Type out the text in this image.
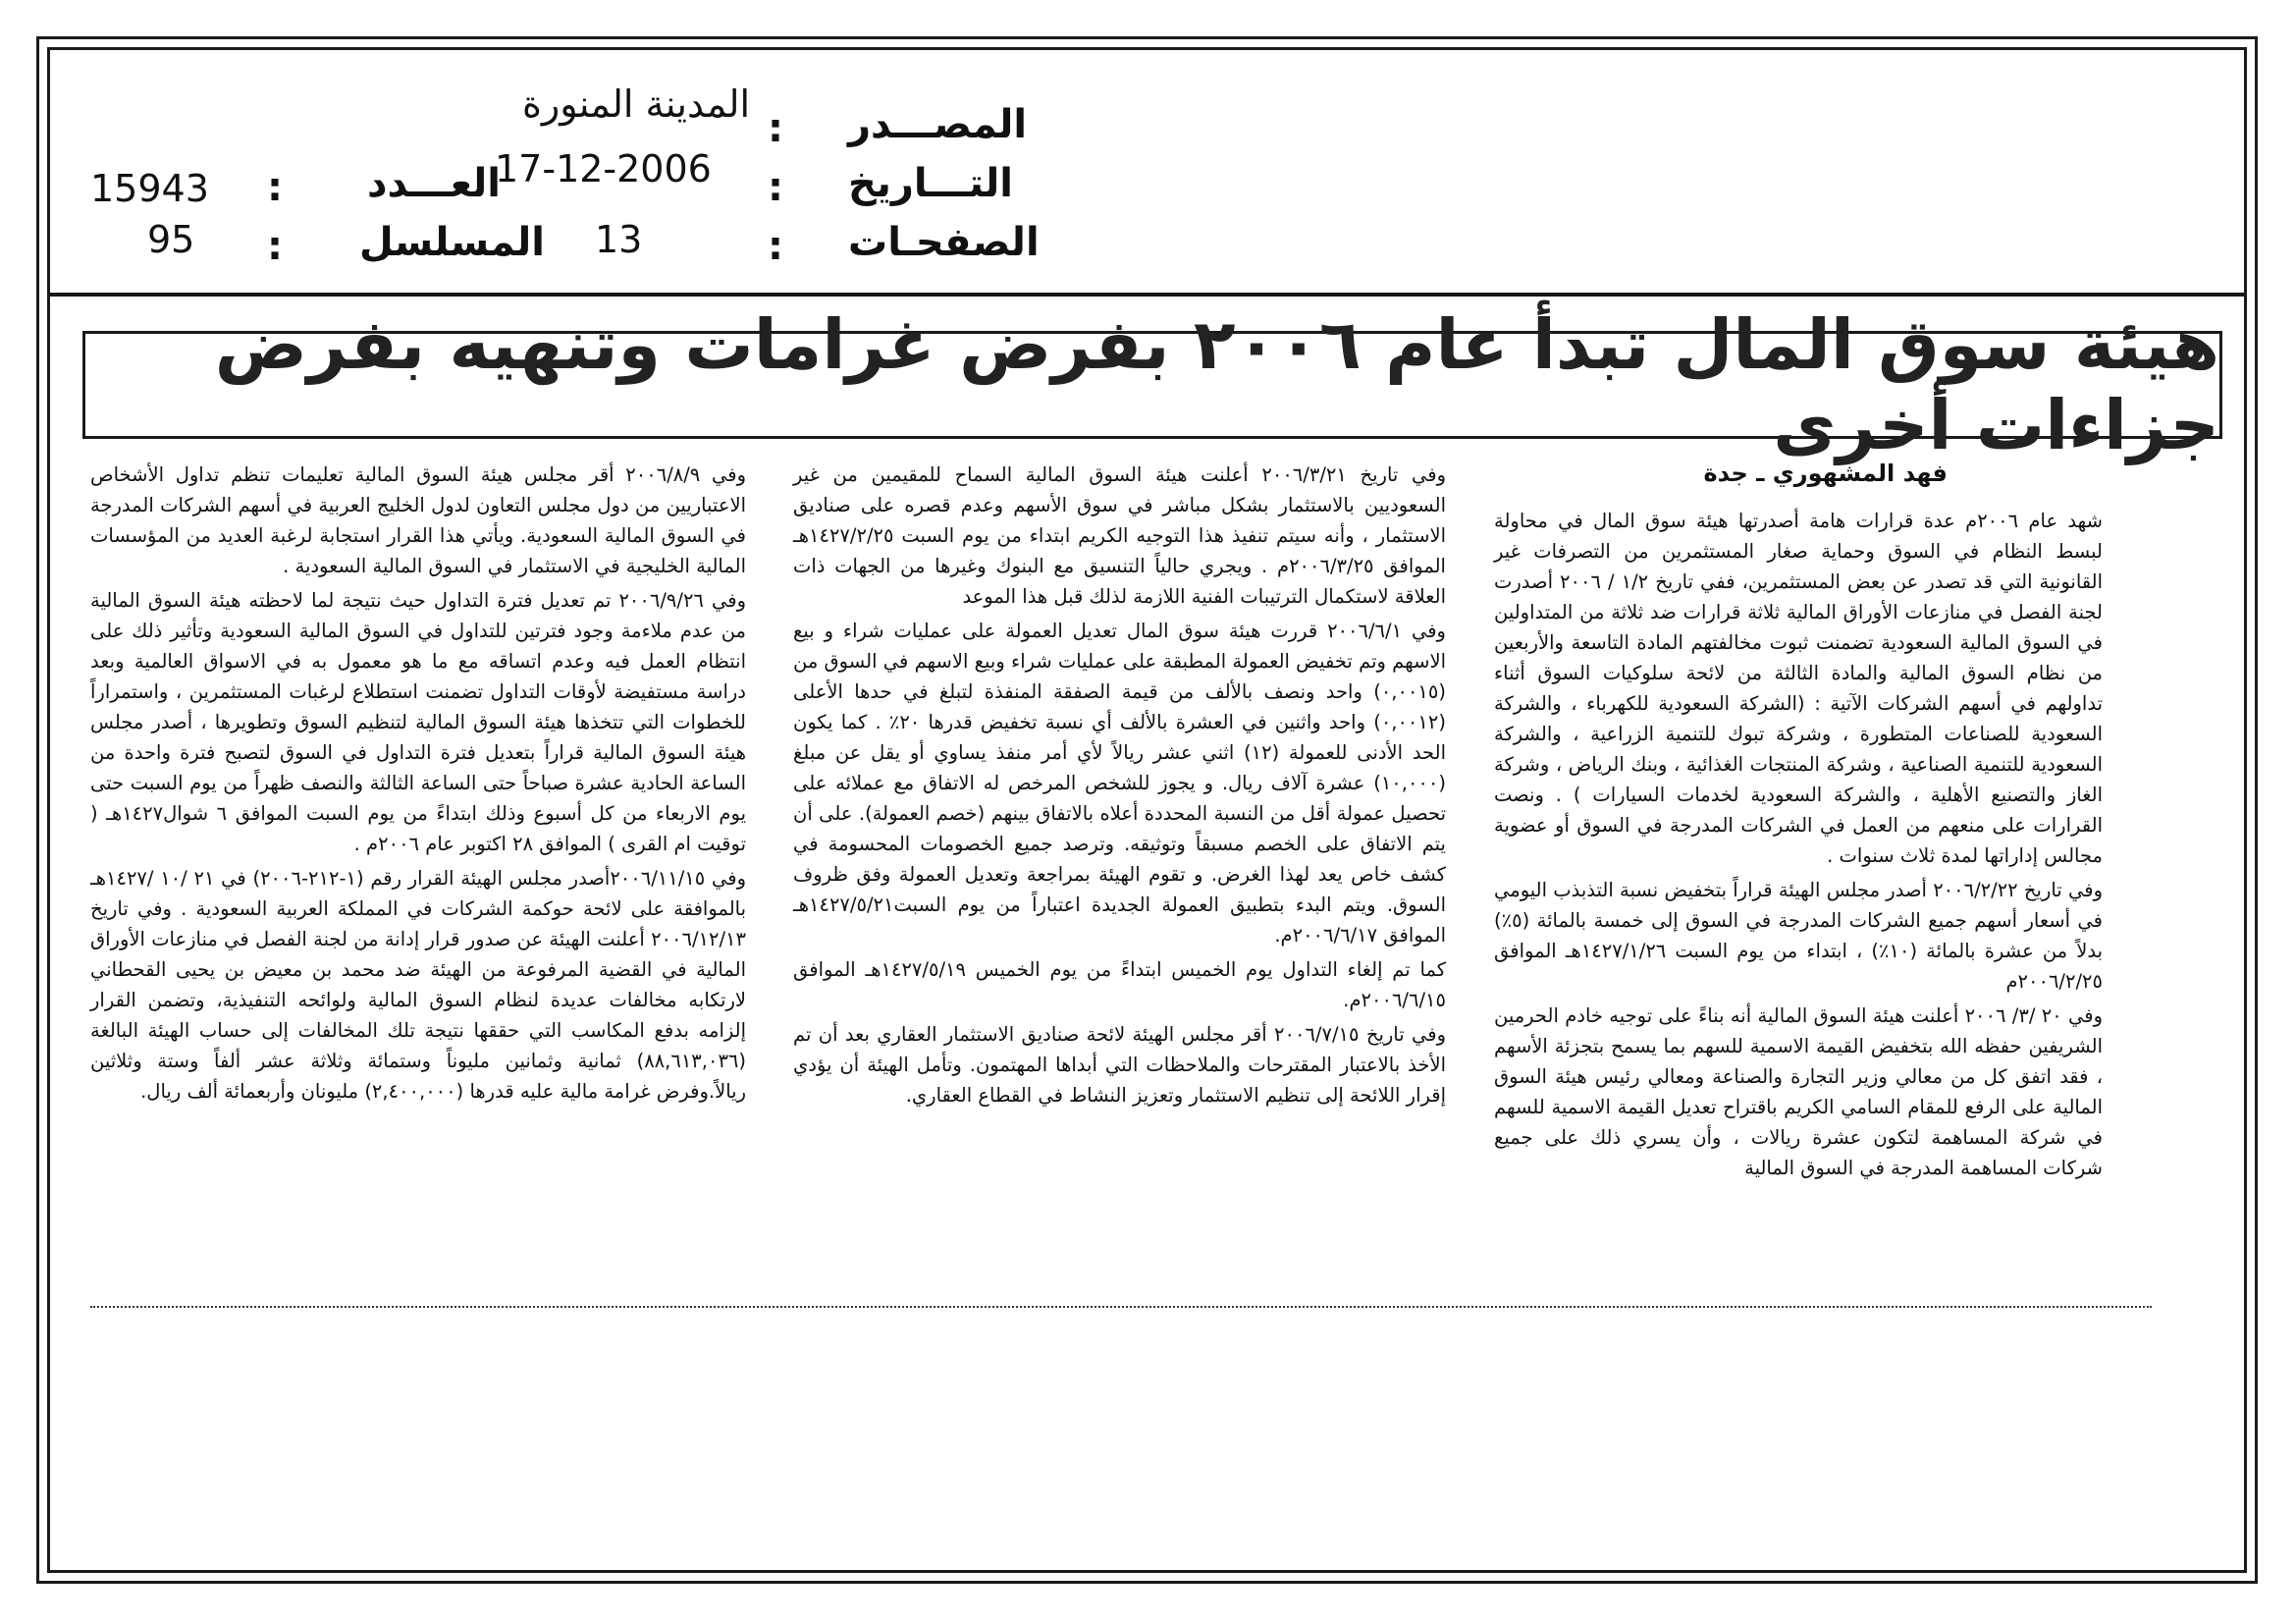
المصـــدر
:
المدينة المنورة
التـــاريخ
:
17-12-2006
الصفحـات
:
13
العـــدد
:
15943
المسلسل
:
95
هيئة سوق المال تبدأ عام ٢٠٠٦ بفرض غرامات وتنهيه بفرض جزاءات أخرى
فهد المشهوري ـ جدة

شهد عام ٢٠٠٦م عدة قرارات هامة أصدرتها هيئة سوق المال في محاولة لبسط النظام في السوق وحماية صغار المستثمرين من التصرفات غير القانونية التي قد تصدر عن بعض المستثمرين، ففي تاريخ ١/٢ / ٢٠٠٦ أصدرت لجنة الفصل في منازعات الأوراق المالية ثلاثة قرارات ضد ثلاثة من المتداولين في السوق المالية السعودية تضمنت ثبوت مخالفتهم المادة التاسعة والأربعين من نظام السوق المالية والمادة الثالثة من لائحة سلوكيات السوق أثناء تداولهم في أسهم الشركات الآتية : (الشركة السعودية للكهرباء ، والشركة السعودية للصناعات المتطورة ، وشركة تبوك للتنمية الزراعية ، والشركة السعودية للتنمية الصناعية ، وشركة المنتجات الغذائية ، وبنك الرياض ، وشركة الغاز والتصنيع الأهلية ، والشركة السعودية لخدمات السيارات ) . ونصت القرارات على منعهم من العمل في الشركات المدرجة في السوق أو عضوية مجالس إداراتها لمدة ثلاث سنوات .

وفي تاريخ ٢٠٠٦/٢/٢٢ أصدر مجلس الهيئة قراراً بتخفيض نسبة التذبذب اليومي في أسعار أسهم جميع الشركات المدرجة في السوق إلى خمسة بالمائة (٥٪) بدلاً من عشرة بالمائة (١٠٪) ، ابتداء من يوم السبت ١٤٢٧/١/٢٦هـ الموافق ٢٠٠٦/٢/٢٥م

وفي ٢٠ /٣/ ٢٠٠٦ أعلنت هيئة السوق المالية أنه بناءً على توجيه خادم الحرمين الشريفين حفظه الله بتخفيض القيمة الاسمية للسهم بما يسمح بتجزئة الأسهم ، فقد اتفق كل من معالي وزير التجارة والصناعة ومعالي رئيس هيئة السوق المالية على الرفع للمقام السامي الكريم باقتراح تعديل القيمة الاسمية للسهم في شركة المساهمة لتكون عشرة ريالات ، وأن يسري ذلك على جميع شركات المساهمة المدرجة في السوق المالية

وفي تاريخ ٢٠٠٦/٣/٢١ أعلنت هيئة السوق المالية السماح للمقيمين من غير السعوديين بالاستثمار بشكل مباشر في سوق الأسهم وعدم قصره على صناديق الاستثمار ، وأنه سيتم تنفيذ هذا التوجيه الكريم ابتداء من يوم السبت ١٤٢٧/٢/٢٥هـ الموافق ٢٠٠٦/٣/٢٥م . ويجري حالياً التنسيق مع البنوك وغيرها من الجهات ذات العلاقة لاستكمال الترتيبات الفنية اللازمة لذلك قبل هذا الموعد

وفي ٢٠٠٦/٦/١ قررت هيئة سوق المال تعديل العمولة على عمليات شراء و بيع الاسهم وتم تخفيض العمولة المطبقة على عمليات شراء وبيع الاسهم في السوق من (٠,٠٠١٥) واحد ونصف بالألف من قيمة الصفقة المنفذة لتبلغ في حدها الأعلى (٠,٠٠١٢) واحد واثنين في العشرة بالألف أي نسبة تخفيض قدرها ٢٠٪ . كما يكون الحد الأدنى للعمولة (١٢) اثني عشر ريالاً لأي أمر منفذ يساوي أو يقل عن مبلغ (١٠,٠٠٠) عشرة آلاف ريال. و يجوز للشخص المرخص له الاتفاق مع عملائه على تحصيل عمولة أقل من النسبة المحددة أعلاه بالاتفاق بينهم (خصم العمولة). على أن يتم الاتفاق على الخصم مسبقاً وتوثيقه. وترصد جميع الخصومات المحسومة في كشف خاص يعد لهذا الغرض. و تقوم الهيئة بمراجعة وتعديل العمولة وفق ظروف السوق. ويتم البدء بتطبيق العمولة الجديدة اعتباراً من يوم السبت١٤٢٧/٥/٢١هـ الموافق ٢٠٠٦/٦/١٧م.

كما تم إلغاء التداول يوم الخميس ابتداءً من يوم الخميس ١٤٢٧/٥/١٩هـ الموافق ٢٠٠٦/٦/١٥م.

وفي تاريخ ٢٠٠٦/٧/١٥ أقر مجلس الهيئة لائحة صناديق الاستثمار العقاري بعد أن تم الأخذ بالاعتبار المقترحات والملاحظات التي أبداها المهتمون. وتأمل الهيئة أن يؤدي إقرار اللائحة إلى تنظيم الاستثمار وتعزيز النشاط في القطاع العقاري.

وفي ٢٠٠٦/٨/٩ أقر مجلس هيئة السوق المالية تعليمات تنظم تداول الأشخاص الاعتباريين من دول مجلس التعاون لدول الخليج العربية في أسهم الشركات المدرجة في السوق المالية السعودية. ويأتي هذا القرار استجابة لرغبة العديد من المؤسسات المالية الخليجية في الاستثمار في السوق المالية السعودية .

وفي ٢٠٠٦/٩/٢٦ تم تعديل فترة التداول حيث نتيجة لما لاحظته هيئة السوق المالية من عدم ملاءمة وجود فترتين للتداول في السوق المالية السعودية وتأثير ذلك على انتظام العمل فيه وعدم اتساقه مع ما هو معمول به في الاسواق العالمية وبعد دراسة مستفيضة لأوقات التداول تضمنت استطلاع لرغبات المستثمرين ، واستمراراً للخطوات التي تتخذها هيئة السوق المالية لتنظيم السوق وتطويرها ، أصدر مجلس هيئة السوق المالية قراراً بتعديل فترة التداول في السوق لتصبح فترة واحدة من الساعة الحادية عشرة صباحاً حتى الساعة الثالثة والنصف ظهراً من يوم السبت حتى يوم الاربعاء من كل أسبوع وذلك ابتداءً من يوم السبت الموافق ٦ شوال١٤٢٧هـ ( توقيت ام القرى ) الموافق ٢٨ اكتوبر عام ٢٠٠٦م .

وفي ٢٠٠٦/١١/١٥أصدر مجلس الهيئة القرار رقم (١-٢١٢-٢٠٠٦) في ٢١ /١٠ /١٤٢٧هـ بالموافقة على لائحة حوكمة الشركات في المملكة العربية السعودية . وفي تاريخ ٢٠٠٦/١٢/١٣ أعلنت الهيئة عن صدور قرار إدانة من لجنة الفصل في منازعات الأوراق المالية في القضية المرفوعة من الهيئة ضد محمد بن معيض بن يحيى القحطاني لارتكابه مخالفات عديدة لنظام السوق المالية ولوائحه التنفيذية، وتضمن القرار إلزامه بدفع المكاسب التي حققها نتيجة تلك المخالفات إلى حساب الهيئة البالغة (٨٨,٦١٣,٠٣٦) ثمانية وثمانين مليوناً وستمائة وثلاثة عشر ألفاً وستة وثلاثين ريالاً.وفرض غرامة مالية عليه قدرها (٢,٤٠٠,٠٠٠) مليونان وأربعمائة ألف ريال.
